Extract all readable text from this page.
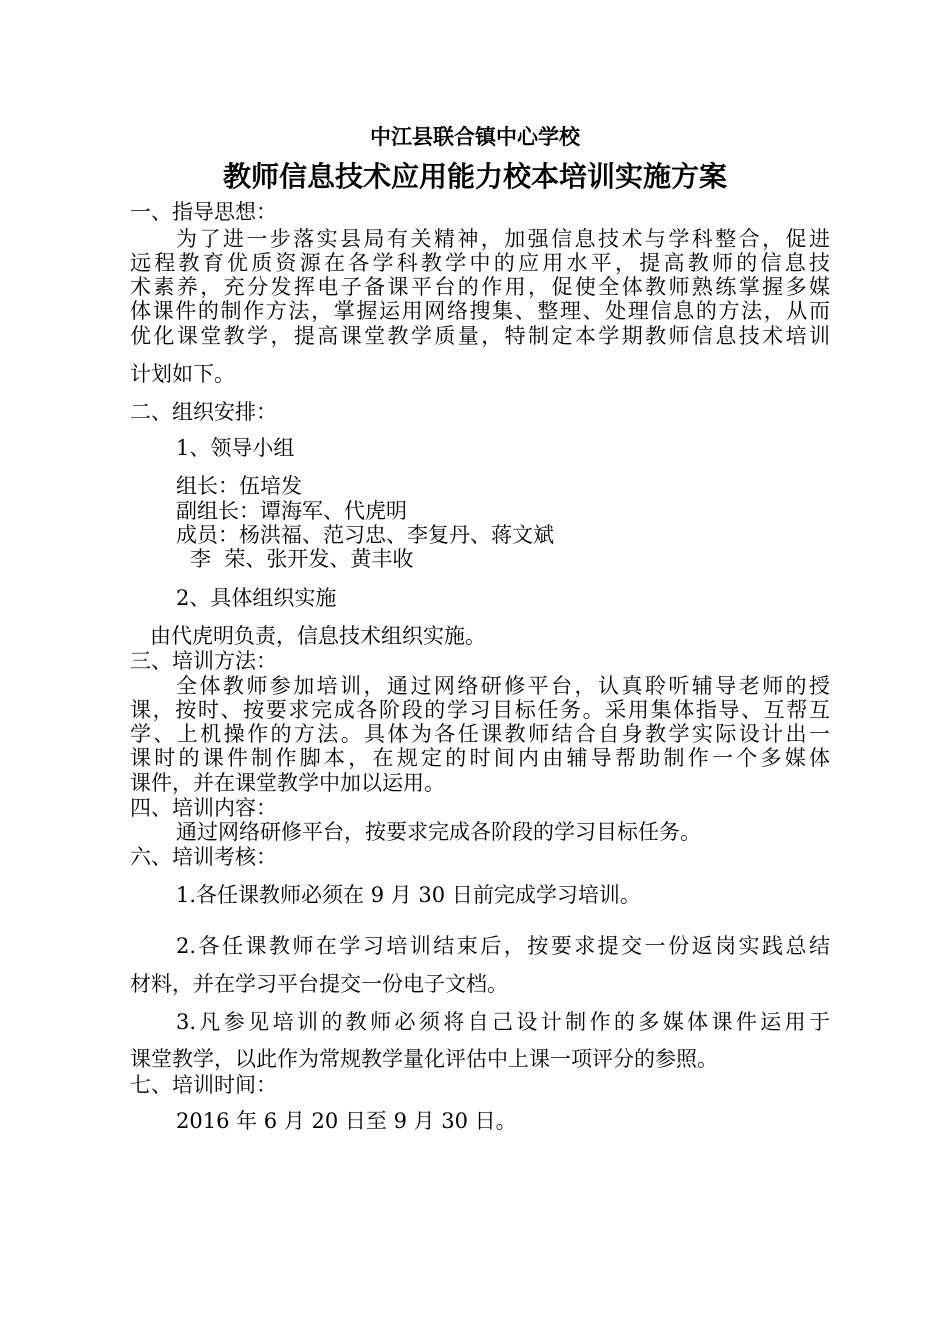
中江县联合镇中心学校
教师信息技术应用能力校本培训实施方案
一、指导思想：
为了进一步落实县局有关精神，加强信息技术与学科整合，促进
远程教育优质资源在各学科教学中的应用水平，提高教师的信息技
术素养，充分发挥电子备课平台的作用，促使全体教师熟练掌握多媒
体课件的制作方法，掌握运用网络搜集、整理、处理信息的方法，从而
优化课堂教学，提高课堂教学质量，特制定本学期教师信息技术培训
计划如下。
二、组织安排：
1、领导小组
组长：伍培发
副组长：谭海军、代虎明
成员：杨洪福、范习忠、李复丹、蒋文斌
李  荣、张开发、黄丰收
2、具体组织实施
由代虎明负责，信息技术组织实施。
三、培训方法：
全体教师参加培训，通过网络研修平台，认真聆听辅导老师的授
课，按时、按要求完成各阶段的学习目标任务。采用集体指导、互帮互
学、上机操作的方法。具体为各任课教师结合自身教学实际设计出一
课时的课件制作脚本，在规定的时间内由辅导帮助制作一个多媒体
课件，并在课堂教学中加以运用。
四、培训内容：
通过网络研修平台，按要求完成各阶段的学习目标任务。
六、培训考核：
1.各任课教师必须在 9 月 30 日前完成学习培训。
2.各任课教师在学习培训结束后，按要求提交一份返岗实践总结
材料，并在学习平台提交一份电子文档。
3.凡参见培训的教师必须将自己设计制作的多媒体课件运用于
课堂教学，以此作为常规教学量化评估中上课一项评分的参照。
七、培训时间：
2016 年 6 月 20 日至 9 月 30 日。
